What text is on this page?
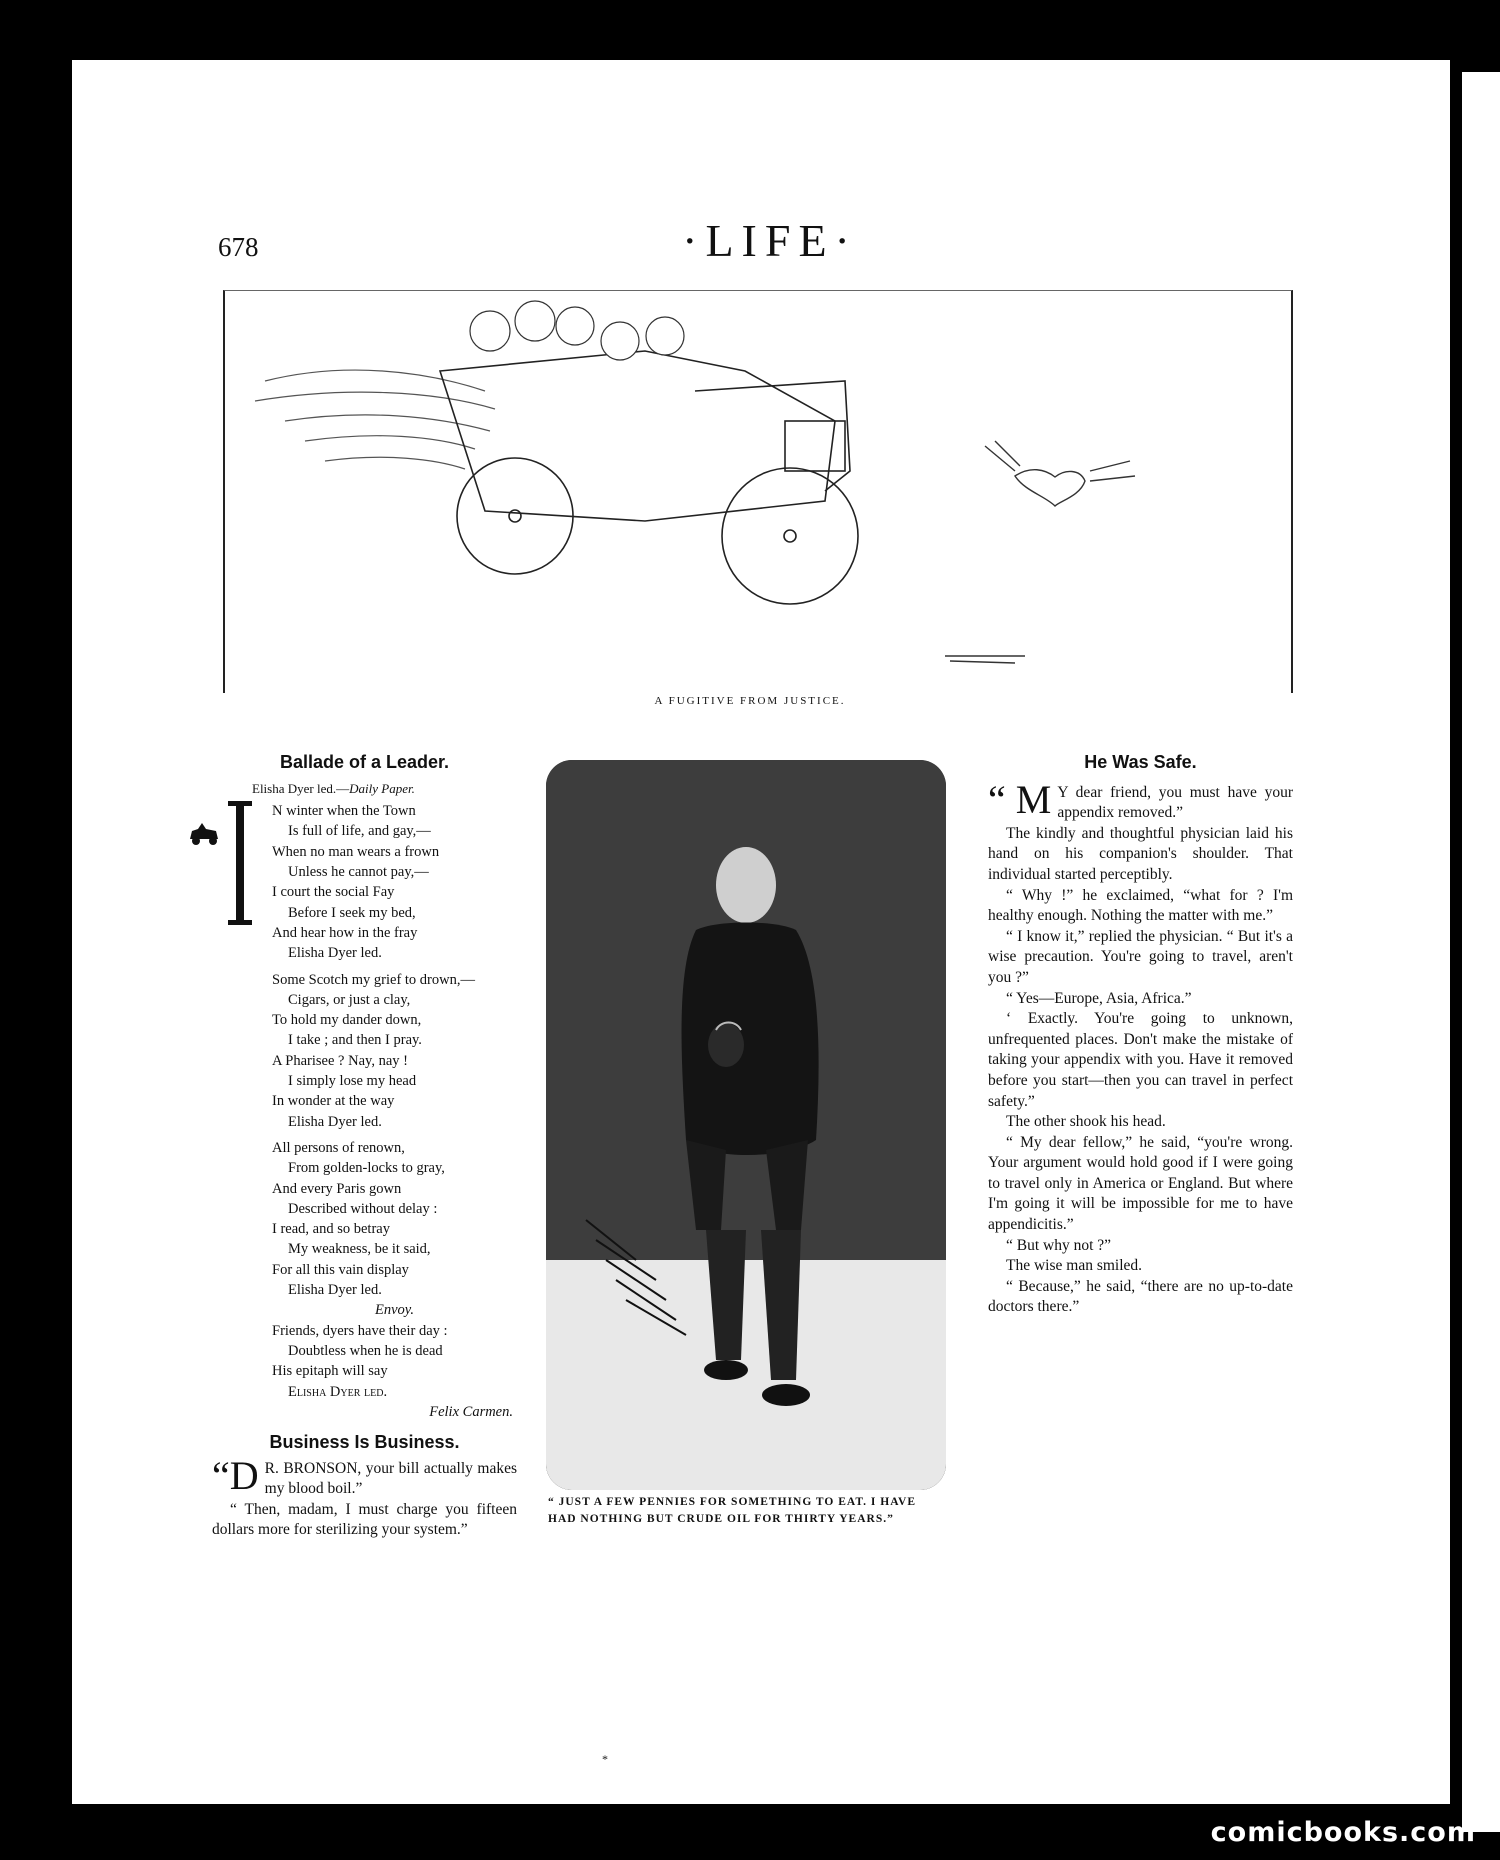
678	·LIFE·
A FUGITIVE FROM JUSTICE.
Ballade of a Leader.
Elisha Dyer led.—Daily Paper.
N winter when the Town
Is full of life, and gay,—
When no man wears a frown
Unless he cannot pay,—
I court the social Fay
Before I seek my bed,
And hear how in the fray
Elisha Dyer led.
Some Scotch my grief to drown,—
Cigars, or just a clay,
To hold my dander down,
I take ; and then I pray.
A Pharisee ? Nay, nay !
I simply lose my head
In wonder at the way
Elisha Dyer led.
All persons of renown,
From golden-locks to gray,
And every Paris gown
Described without delay :
I read, and so betray
My weakness, be it said,
For all this vain display
Elisha Dyer led.
Envoy.
Friends, dyers have their day :
Doubtless when he is dead
His epitaph will say
Elisha Dyer led.
Felix Carmen.
Business Is Business.

“D R. BRONSON, your bill actually makes my blood boil.”

“ Then, madam, I must charge you fifteen dollars more for sterilizing your system.”

“ JUST A FEW PENNIES FOR SOMETHING TO EAT. I HAVE HAD NOTHING BUT CRUDE OIL FOR THIRTY YEARS.”
He Was Safe.

“ M Y dear friend, you must have your appendix removed.”

The kindly and thoughtful physician laid his hand on his companion's shoulder. That individual started perceptibly.

“ Why !” he exclaimed, “what for ? I'm healthy enough. Nothing the matter with me.”

“ I know it,” replied the physician. “ But it's a wise precaution. You're going to travel, aren't you ?”

“ Yes—Europe, Asia, Africa.”

‘ Exactly. You're going to unknown, unfrequented places. Don't make the mistake of taking your appendix with you. Have it removed before you start—then you can travel in perfect safety.”

The other shook his head.

“ My dear fellow,” he said, “you're wrong. Your argument would hold good if I were going to travel only in America or England. But where I'm going it will be impossible for me to have appendicitis.”

“ But why not ?”

The wise man smiled.

“ Because,” he said, “there are no up-to-date doctors there.”

*
comicbooks.com
